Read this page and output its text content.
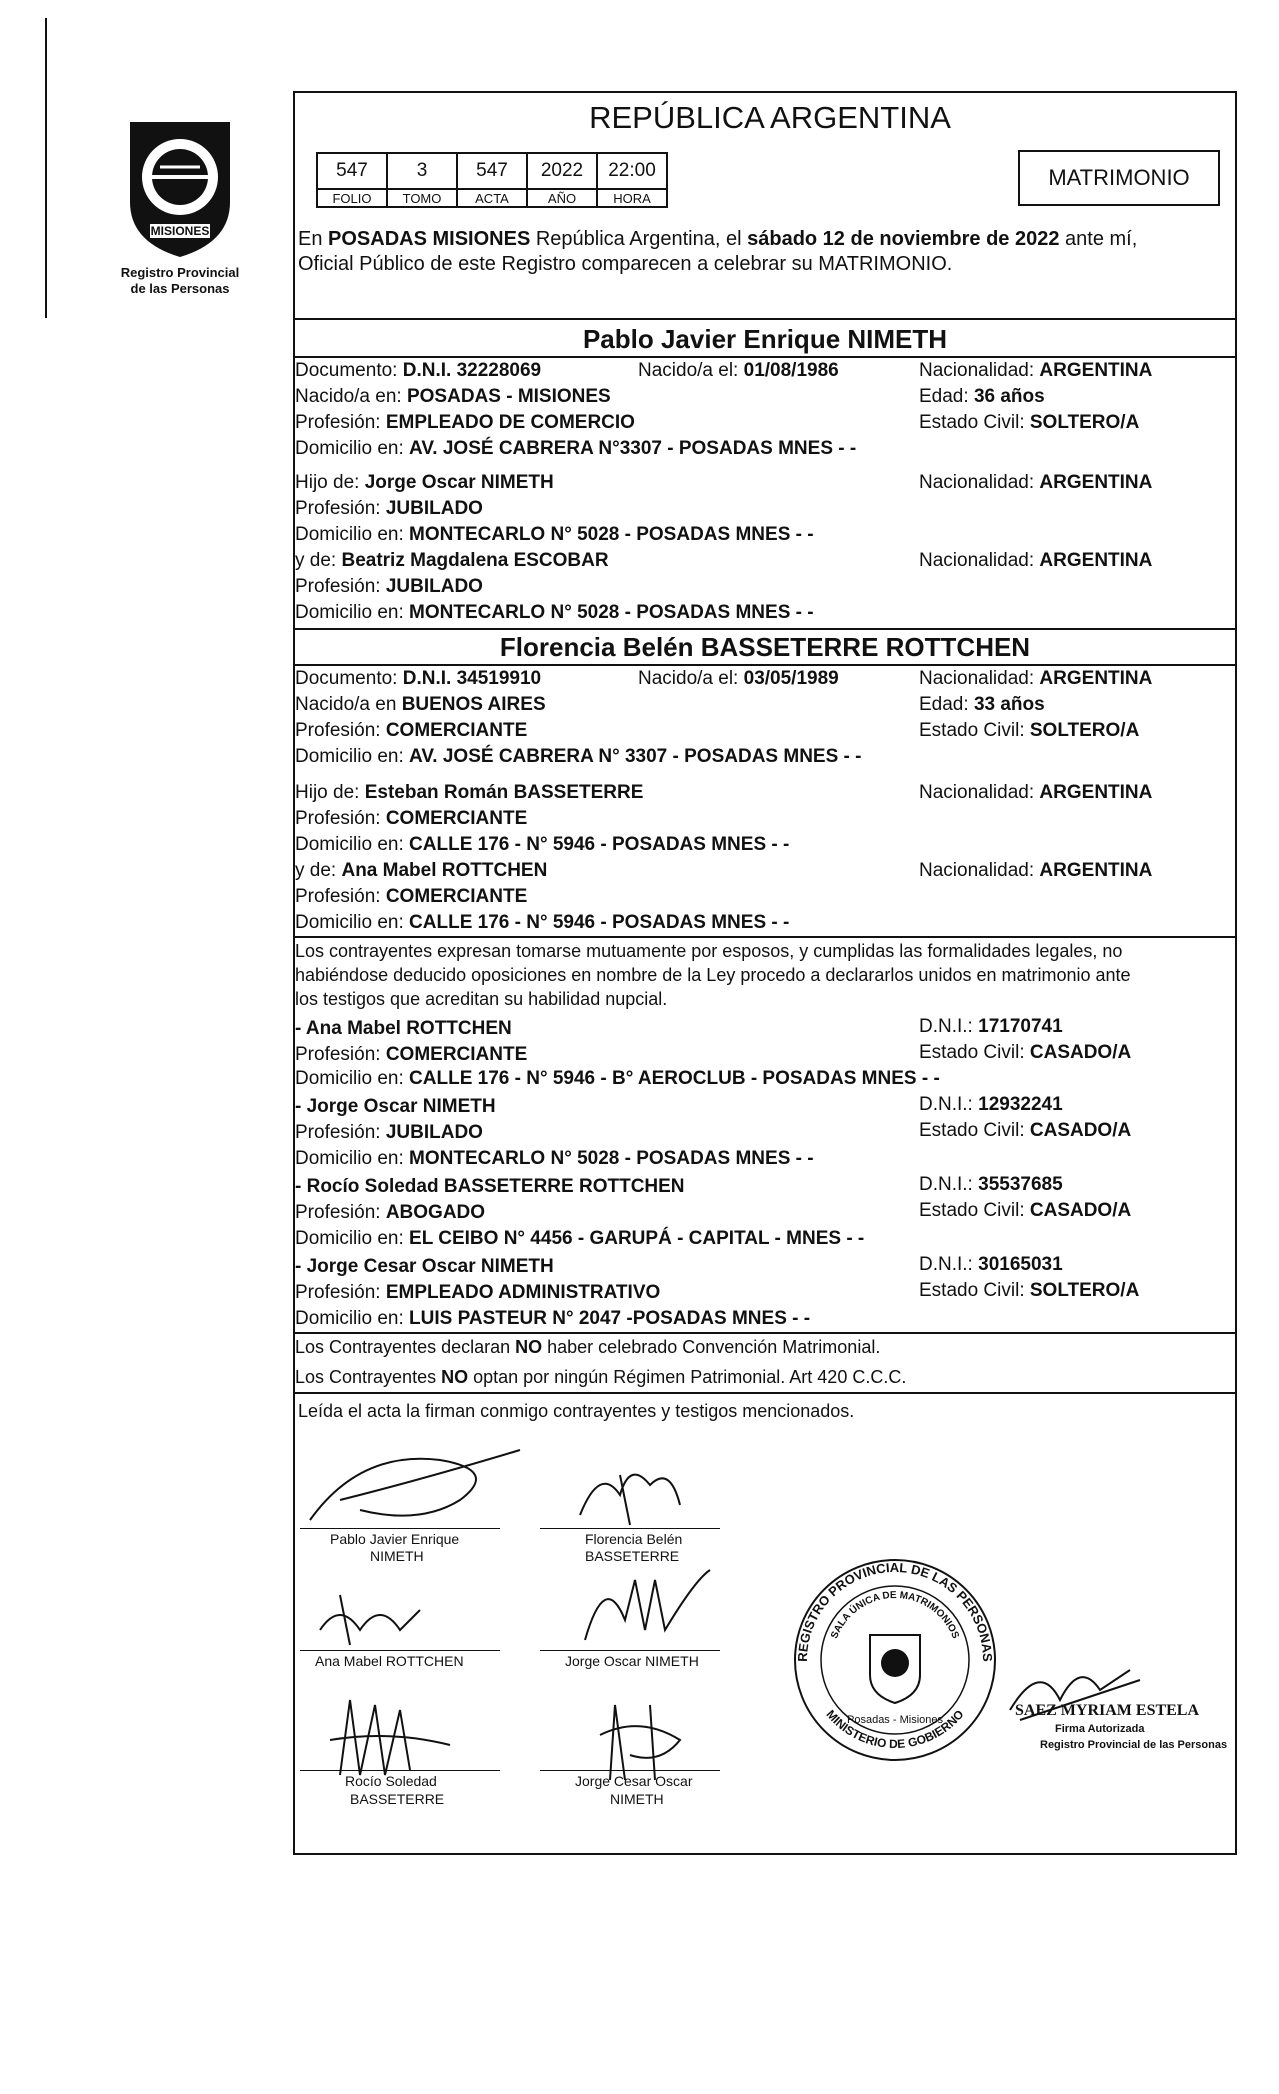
MISIONES
Registro Provincial
de las Personas
REPÚBLICA ARGENTINA
547	3	547	2022	22:00
FOLIO	TOMO	ACTA	AÑO	HORA
MATRIMONIO
En POSADAS MISIONES República Argentina, el sábado 12 de noviembre de 2022 ante mí,
Oficial Público de este Registro comparecen a celebrar su MATRIMONIO.
Pablo Javier Enrique NIMETH
Documento: D.N.I. 32228069	Nacido/a el: 01/08/1986	Nacionalidad: ARGENTINA
Nacido/a en: POSADAS - MISIONES	Edad: 36 años
Profesión: EMPLEADO DE COMERCIO	Estado Civil: SOLTERO/A
Domicilio en: AV. JOSÉ CABRERA N°3307 - POSADAS MNES - -
Hijo de: Jorge Oscar NIMETH	Nacionalidad: ARGENTINA
Profesión: JUBILADO
Domicilio en: MONTECARLO N° 5028 - POSADAS MNES - -
y de: Beatriz Magdalena ESCOBAR	Nacionalidad: ARGENTINA
Profesión: JUBILADO
Domicilio en: MONTECARLO N° 5028 - POSADAS MNES - -
Florencia Belén BASSETERRE ROTTCHEN
Documento: D.N.I. 34519910	Nacido/a el: 03/05/1989	Nacionalidad: ARGENTINA
Nacido/a en BUENOS AIRES	Edad: 33 años
Profesión: COMERCIANTE	Estado Civil: SOLTERO/A
Domicilio en: AV. JOSÉ CABRERA N° 3307 - POSADAS MNES - -
Hijo de: Esteban Román BASSETERRE	Nacionalidad: ARGENTINA
Profesión: COMERCIANTE
Domicilio en: CALLE 176 - N° 5946 - POSADAS MNES - -
y de: Ana Mabel ROTTCHEN	Nacionalidad: ARGENTINA
Profesión: COMERCIANTE
Domicilio en: CALLE 176 - N° 5946 - POSADAS MNES - -
Los contrayentes expresan tomarse mutuamente por esposos, y cumplidas las formalidades legales, no
habiéndose deducido oposiciones en nombre de la Ley procedo a declararlos unidos en matrimonio ante
los testigos que acreditan su habilidad nupcial.
- Ana Mabel ROTTCHEN	D.N.I.: 17170741
Profesión: COMERCIANTE	Estado Civil: CASADO/A
Domicilio en: CALLE 176 - N° 5946 - B° AEROCLUB - POSADAS MNES - -
- Jorge Oscar NIMETH	D.N.I.: 12932241
Profesión: JUBILADO	Estado Civil: CASADO/A
Domicilio en: MONTECARLO N° 5028 - POSADAS MNES - -
- Rocío Soledad BASSETERRE ROTTCHEN	D.N.I.: 35537685
Profesión: ABOGADO	Estado Civil: CASADO/A
Domicilio en: EL CEIBO N° 4456 - GARUPÁ - CAPITAL - MNES - -
- Jorge Cesar Oscar NIMETH	D.N.I.: 30165031
Profesión: EMPLEADO ADMINISTRATIVO	Estado Civil: SOLTERO/A
Domicilio en: LUIS PASTEUR N° 2047 -POSADAS MNES - -
Los Contrayentes declaran NO haber celebrado Convención Matrimonial.
Los Contrayentes NO optan por ningún Régimen Patrimonial. Art 420 C.C.C.
Leída el acta la firman conmigo contrayentes y testigos mencionados.
Pablo Javier Enrique
NIMETH
Florencia Belén
BASSETERRE
Ana Mabel ROTTCHEN	Jorge Oscar NIMETH
Rocío Soledad
BASSETERRE
Jorge Cesar Oscar
NIMETH
REGISTRO PROVINCIAL DE LAS PERSONAS
MINISTERIO DE GOBIERNO
SALA ÚNICA DE MATRIMONIOS
Posadas - Misiones
SAEZ MYRIAM ESTELA
Firma Autorizada
Registro Provincial de las Personas
